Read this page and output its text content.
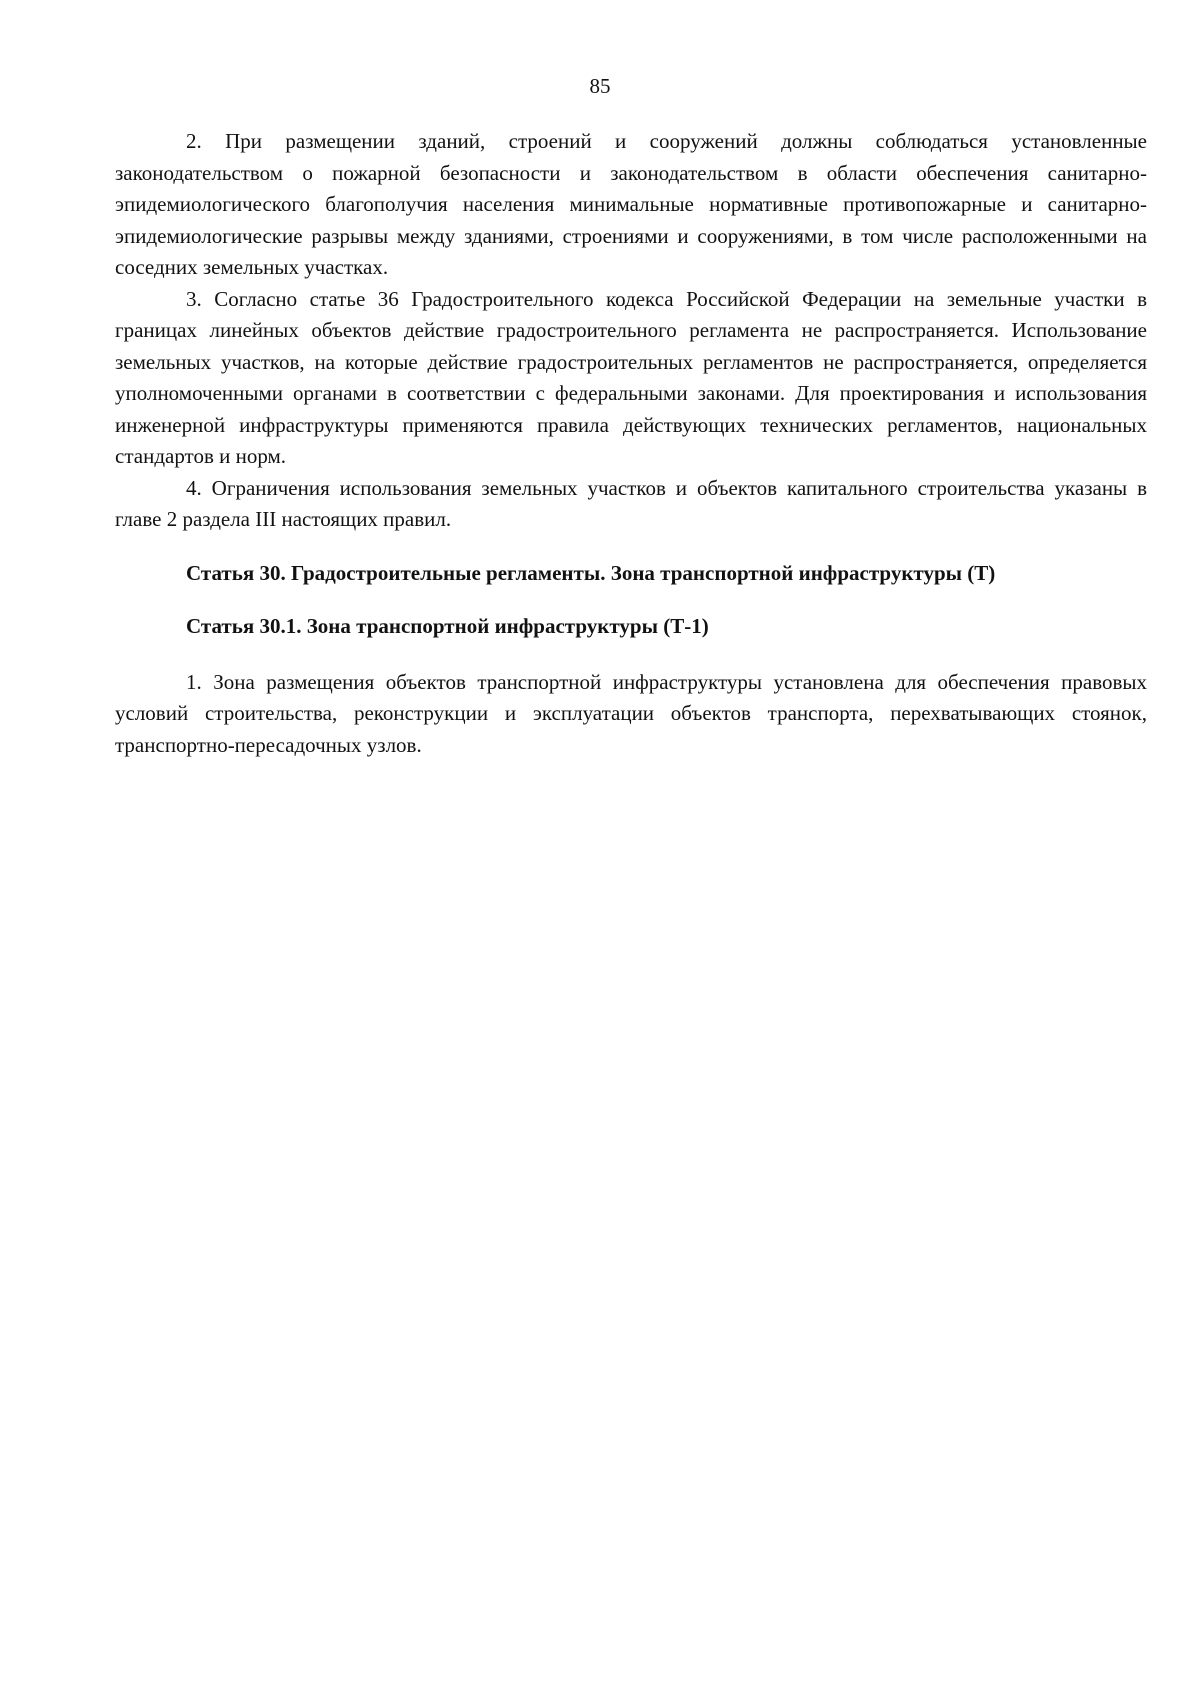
85

2. При размещении зданий, строений и сооружений должны соблюдаться установленные законодательством о пожарной безопасности и законодательством в области обеспечения санитарно-эпидемиологического благополучия населения минимальные нормативные противопожарные и санитарно-эпидемиологические разрывы между зданиями, строениями и сооружениями, в том числе расположенными на соседних земельных участках.

3. Согласно статье 36 Градостроительного кодекса Российской Федерации на земельные участки в границах линейных объектов действие градостроительного регламента не распространяется. Использование земельных участков, на которые действие градостроительных регламентов не распространяется, определяется уполномоченными органами в соответствии с федеральными законами. Для проектирования и использования инженерной инфраструктуры применяются правила действующих технических регламентов, национальных стандартов и норм.

4. Ограничения использования земельных участков и объектов капитального строительства указаны в главе 2 раздела III настоящих правил.

Статья 30. Градостроительные регламенты. Зона транспортной инфраструктуры (Т)
Статья 30.1. Зона транспортной инфраструктуры (Т-1)

1. Зона размещения объектов транспортной инфраструктуры установлена для обеспечения правовых условий строительства, реконструкции и эксплуатации объектов транспорта, перехватывающих стоянок, транспортно-пересадочных узлов.
